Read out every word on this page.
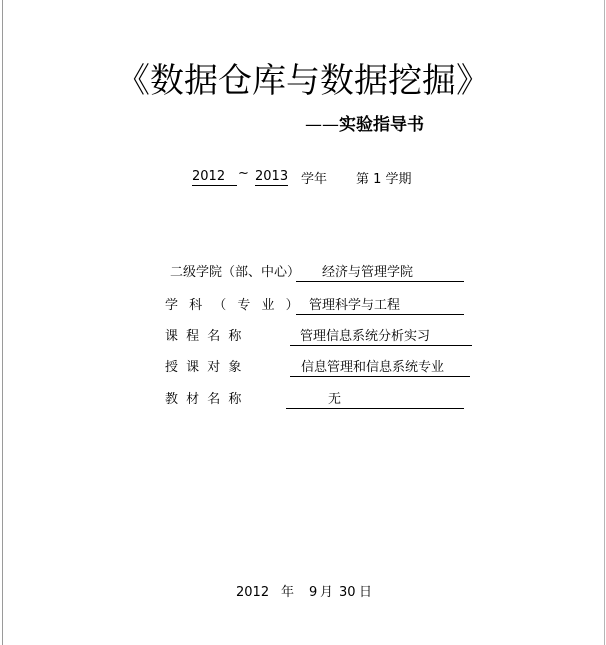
《数据仓库与数据挖掘》
——实验指导书
2012 ~ 2013 学年 第 1 学期
二级学院（部、中心） 经济与管理学院
学 科 （ 专 业 ） 管理科学与工程
课 程 名 称	管理信息系统分析实习
授 课 对 象	信息管理和信息系统专业
教 材 名 称	无
2012 年 9 月 30 日
